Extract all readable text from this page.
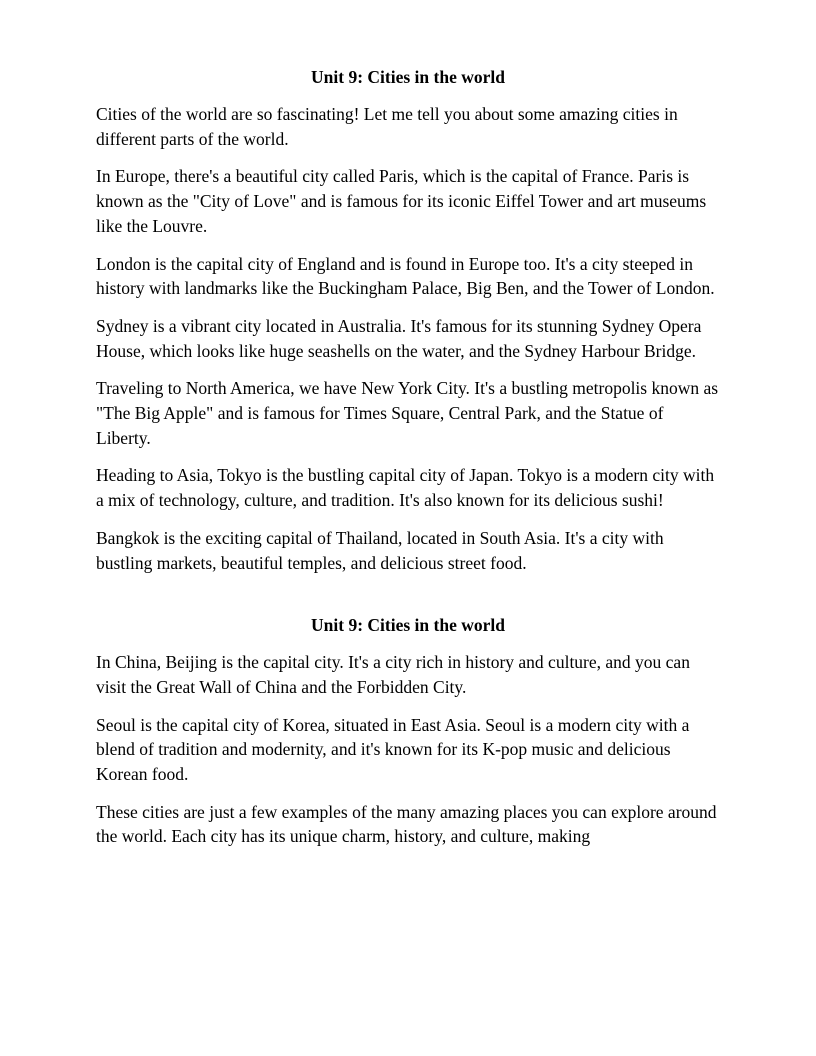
Unit 9: Cities in the world

Cities of the world are so fascinating! Let me tell you about some amazing cities in different parts of the world.

In Europe, there's a beautiful city called Paris, which is the capital of France. Paris is known as the "City of Love" and is famous for its iconic Eiffel Tower and art museums like the Louvre.

London is the capital city of England and is found in Europe too. It's a city steeped in history with landmarks like the Buckingham Palace, Big Ben, and the Tower of London.

Sydney is a vibrant city located in Australia. It's famous for its stunning Sydney Opera House, which looks like huge seashells on the water, and the Sydney Harbour Bridge.

Traveling to North America, we have New York City. It's a bustling metropolis known as "The Big Apple" and is famous for Times Square, Central Park, and the Statue of Liberty.

Heading to Asia, Tokyo is the bustling capital city of Japan. Tokyo is a modern city with a mix of technology, culture, and tradition. It's also known for its delicious sushi!

Bangkok is the exciting capital of Thailand, located in South Asia. It's a city with bustling markets, beautiful temples, and delicious street food.

Unit 9: Cities in the world

In China, Beijing is the capital city. It's a city rich in history and culture, and you can visit the Great Wall of China and the Forbidden City.

Seoul is the capital city of Korea, situated in East Asia. Seoul is a modern city with a blend of tradition and modernity, and it's known for its K-pop music and delicious Korean food.

These cities are just a few examples of the many amazing places you can explore around the world. Each city has its unique charm, history, and culture, making
